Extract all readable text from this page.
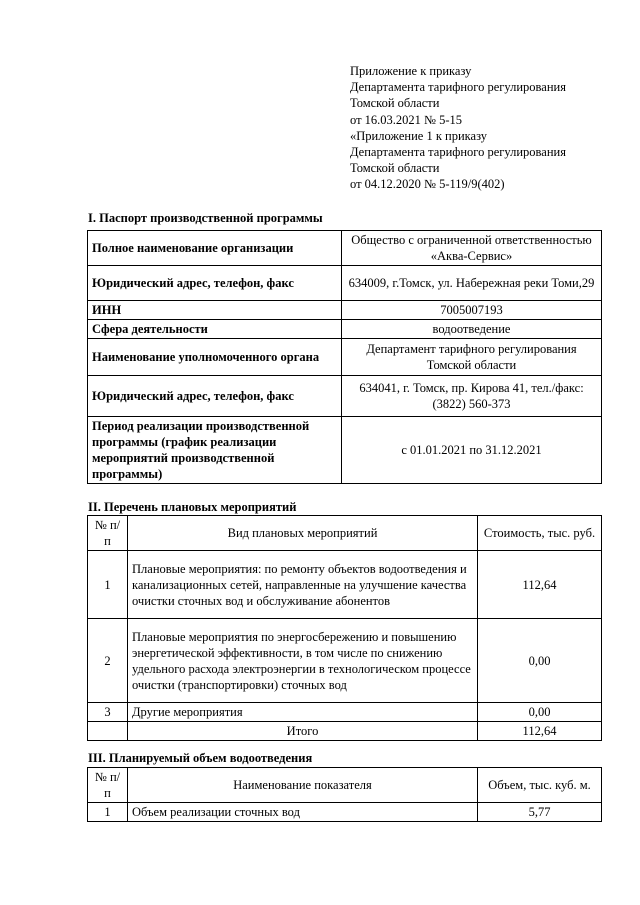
Приложение к приказу
Департамента тарифного регулирования
Томской области
от 16.03.2021 № 5-15
«Приложение 1 к приказу
Департамента тарифного регулирования
Томской области
от 04.12.2020 № 5-119/9(402)
I. Паспорт производственной программы
Полное наименование организации	Общество с ограниченной ответственностью «Аква-Сервис»
Юридический адрес, телефон, факс	634009, г.Томск, ул. Набережная реки Томи,29
ИНН	7005007193
Сфера деятельности	водоотведение
Наименование уполномоченного органа	Департамент тарифного регулирования Томской области
Юридический адрес, телефон, факс	634041, г. Томск, пр. Кирова 41, тел./факс: (3822) 560-373
Период реализации производственной программы (график реализации мероприятий производственной программы)	с 01.01.2021 по 31.12.2021
II. Перечень плановых мероприятий
№ п/п	Вид плановых мероприятий	Стоимость, тыс. руб.
1	Плановые мероприятия: по ремонту объектов водоотведения и канализационных сетей, направленные на улучшение качества очистки сточных вод и обслуживание абонентов	112,64
2	Плановые мероприятия по энергосбережению и повышению энергетической эффективности, в том числе по снижению удельного расхода электроэнергии в технологическом процессе очистки (транспортировки) сточных вод	0,00
3	Другие мероприятия	0,00
	Итого	112,64
III. Планируемый объем водоотведения
№ п/п	Наименование показателя	Объем, тыс. куб. м.
1	Объем реализации сточных вод	5,77
